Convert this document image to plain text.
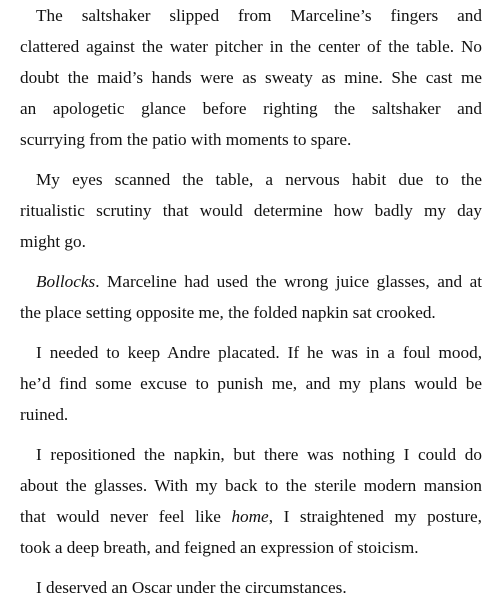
The saltshaker slipped from Marceline’s fingers and
clattered against the water pitcher in the center of the table. No
doubt the maid’s hands were as sweaty as mine. She cast me
an apologetic glance before righting the saltshaker and
scurrying from the patio with moments to spare.
My eyes scanned the table, a nervous habit due to the
ritualistic scrutiny that would determine how badly my day
might go.
Bollocks. Marceline had used the wrong juice glasses, and at
the place setting opposite me, the folded napkin sat crooked.
I needed to keep Andre placated. If he was in a foul mood,
he’d find some excuse to punish me, and my plans would be
ruined.
I repositioned the napkin, but there was nothing I could do
about the glasses. With my back to the sterile modern mansion
that would never feel like home, I straightened my posture,
took a deep breath, and feigned an expression of stoicism.
I deserved an Oscar under the circumstances.
